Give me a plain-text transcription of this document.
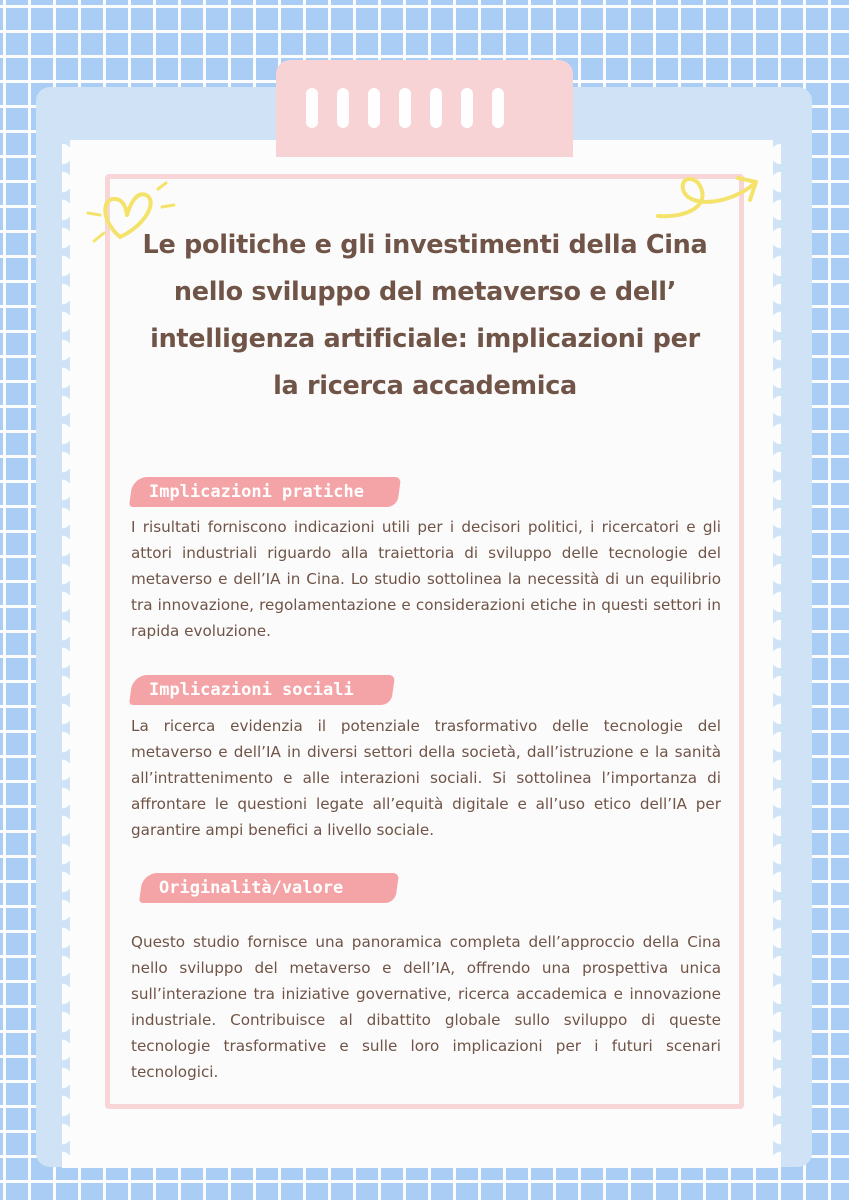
Le politiche e gli investimenti della Cina nello sviluppo del metaverso e dell’ intelligenza artificiale: implicazioni per la ricerca accademica
Implicazioni pratiche

I risultati forniscono indicazioni utili per i decisori politici, i ricercatori e gli attori industriali riguardo alla traiettoria di sviluppo delle tecnologie del metaverso e dell’IA in Cina. Lo studio sottolinea la necessità di un equilibrio tra innovazione, regolamentazione e considerazioni etiche in questi settori in rapida evoluzione.

Implicazioni sociali

La ricerca evidenzia il potenziale trasformativo delle tecnologie del metaverso e dell’IA in diversi settori della società, dall’istruzione e la sanità all’intrattenimento e alle interazioni sociali. Si sottolinea l’importanza di affrontare le questioni legate all’equità digitale e all’uso etico dell’IA per garantire ampi benefici a livello sociale.

Originalità/valore

Questo studio fornisce una panoramica completa dell’approccio della Cina nello sviluppo del metaverso e dell’IA, offrendo una prospettiva unica sull’interazione tra iniziative governative, ricerca accademica e innovazione industriale. Contribuisce al dibattito globale sullo sviluppo di queste tecnologie trasformative e sulle loro implicazioni per i futuri scenari tecnologici.
